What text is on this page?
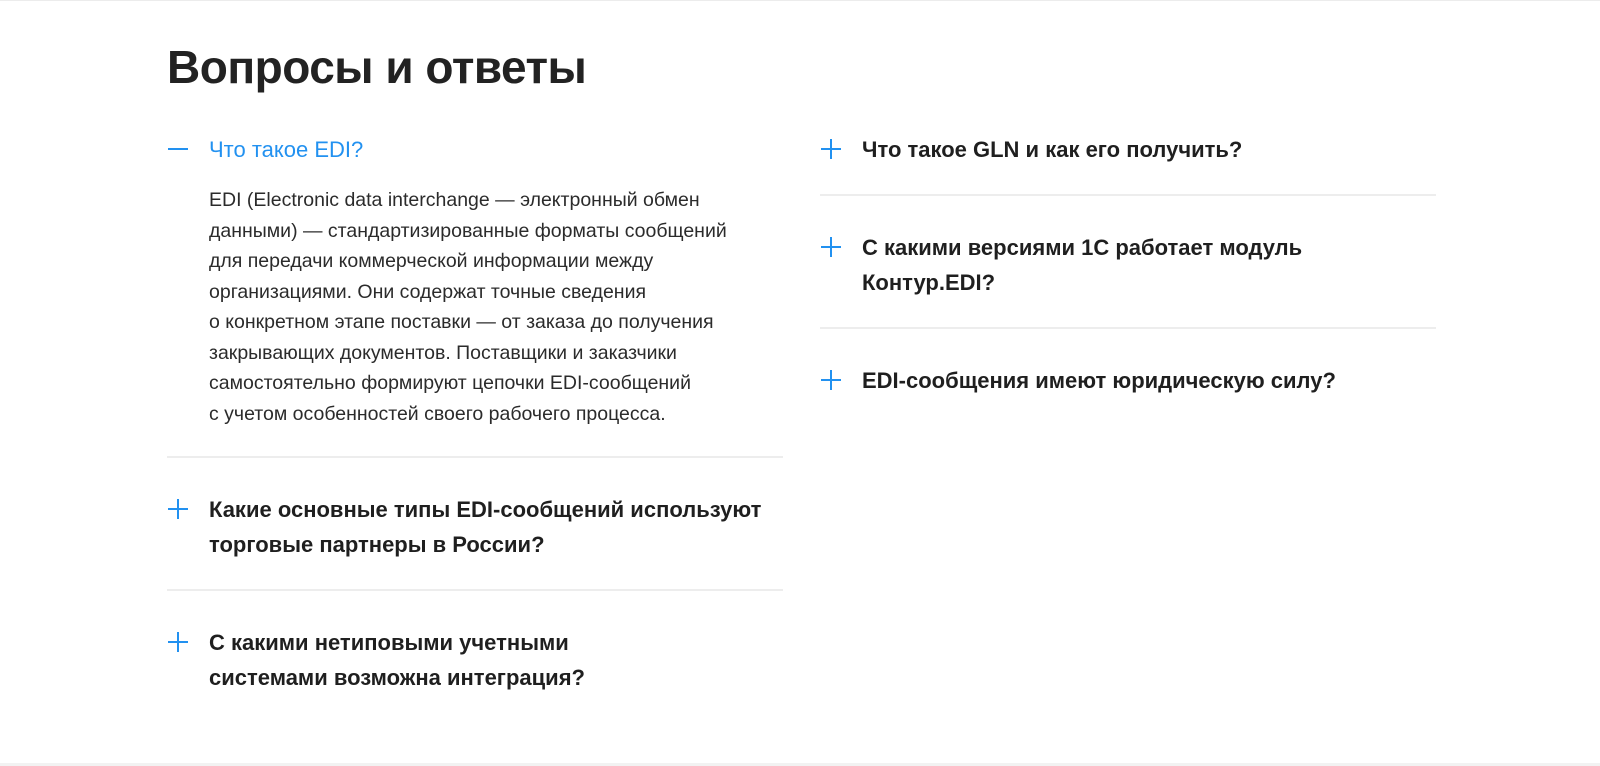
Вопросы и ответы
Что такое EDI?
EDI (Electronic data interchange — электронный обмен
данными) — стандартизированные форматы сообщений
для передачи коммерческой информации между
организациями. Они содержат точные сведения
о конкретном этапе поставки — от заказа до получения
закрывающих документов. Поставщики и заказчики
самостоятельно формируют цепочки EDI-сообщений
с учетом особенностей своего рабочего процесса.
Какие основные типы EDI-сообщений используют
торговые партнеры в России?
С какими нетиповыми учетными
системами возможна интеграция?
Что такое GLN и как его получить?
С какими версиями 1С работает модуль
Контур.EDI?
EDI-сообщения имеют юридическую силу?
